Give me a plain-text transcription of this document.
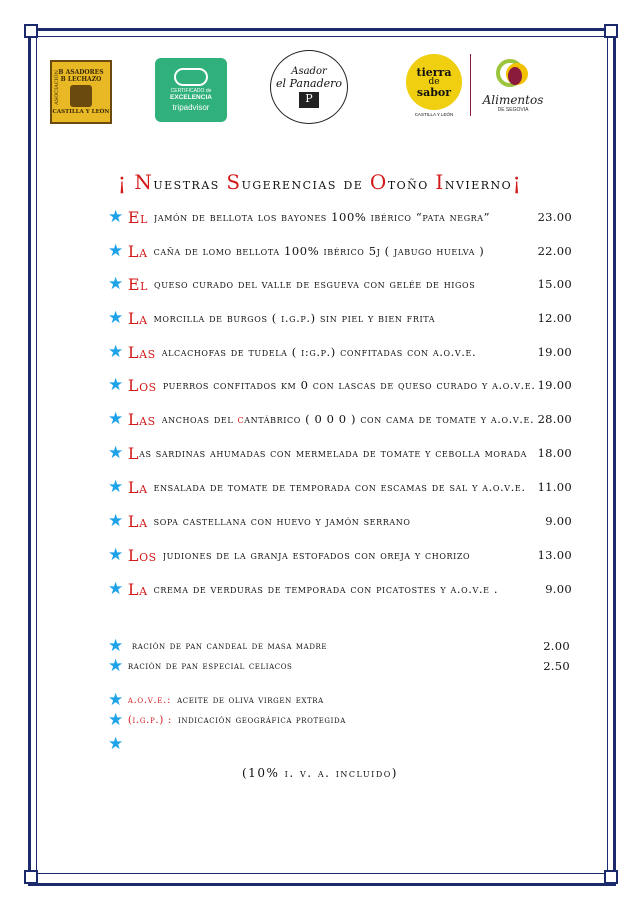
ASOCIACIÓN
B ASADORES
B LECHAZO
CASTILLA Y LEÓN
CERTIFICADO de
EXCELENCIA
tripadvisor
Asador
el Panadero
P
tierra
de
sabor
CASTILLA Y LEÓN
Alimentos
DE SEGOVIA
¡ Nuestras Sugerencias de Otoño Invierno¡
★ El jamón de bellota los bayones 100% ibérico “pata negra”	23.00
★ La caña de lomo bellota 100% ibérico 5j ( jabugo huelva )	22.00
★ El queso curado del valle de esgueva con gelée de higos	15.00
★ La morcilla de burgos ( i.g.p.) sin piel y bien frita	12.00
★ Las alcachofas de tudela ( i:g.p.) confitadas con a.o.v.e.	19.00
★ Los puerros confitados km 0 con lascas de queso curado y a.o.v.e. 19.00
★ Las anchoas del cantábrico ( 0 0 0 ) con cama de tomate y a.o.v.e. 28.00
★ L as sardinas ahumadas con mermelada de tomate y cebolla morada 18.00
★ La ensalada de tomate de temporada con escamas de sal y a.o.v.e.	11.00
★ La sopa castellana con huevo y jamón serrano	9.00
★ Los judiones de la granja estofados con oreja y chorizo	13.00
★ La crema de verduras de temporada con picatostes y a.o.v.e .	9.00
★ ración de pan candeal de masa madre	2.00
★ ración de pan especial celiacos	2.50
★ a.o.v.e.: aceite de oliva virgen extra
★ (i.g.p.) : indicación geográfica protegida
★
(10% i. v. a. incluido)
